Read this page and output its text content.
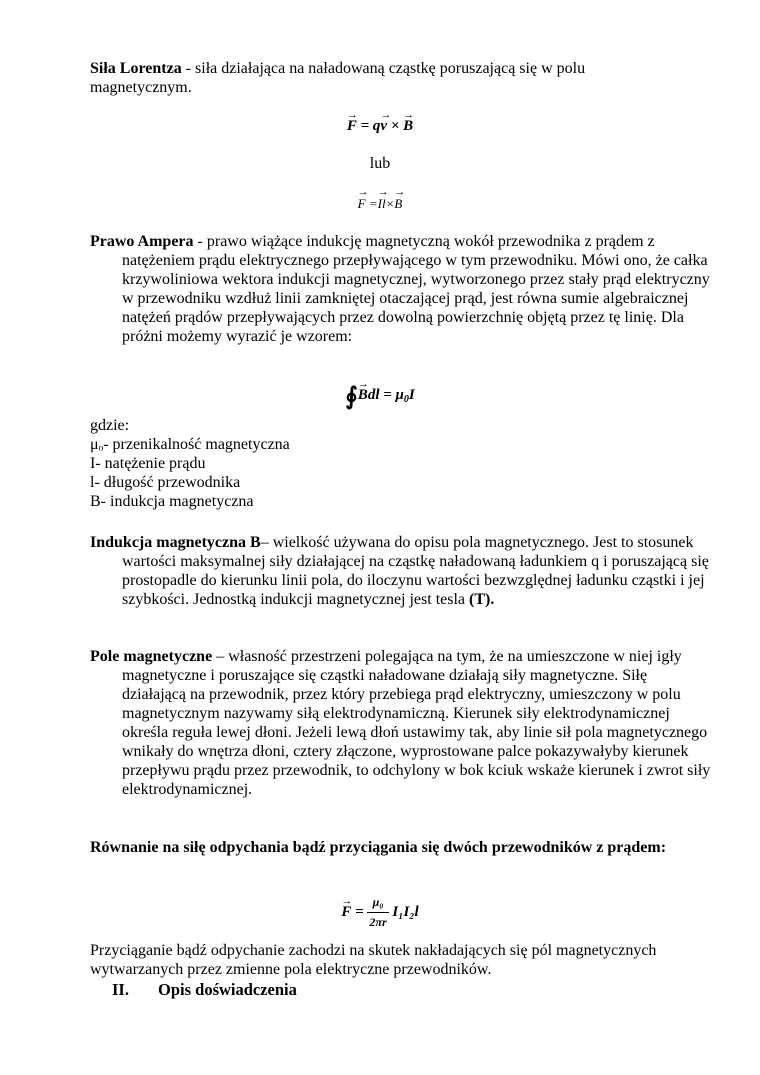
Siła Lorentza - siła działająca na naładowaną cząstkę poruszającą się w polu magnetycznym.

→ F = q→ v × → B
lub
→ F =→ Il×→ B

Prawo Ampera - prawo wiążące indukcję magnetyczną wokół przewodnika z prądem z natężeniem prądu elektrycznego przepływającego w tym przewodniku. Mówi ono, że całka krzywoliniowa wektora indukcji magnetycznej, wytworzonego przez stały prąd elektryczny w przewodniku wzdłuż linii zamkniętej otaczającej prąd, jest równa sumie algebraicznej natężeń prądów przepływających przez dowolną powierzchnię objętą przez tę linię. Dla próżni możemy wyrazić je wzorem:

∮→ Bdl = $\mu_0I$
gdzie:
μₒ- przenikalność magnetyczna
I- natężenie prądu
l- długość przewodnika
B- indukcja magnetyczna

Indukcja magnetyczna B– wielkość używana do opisu pola magnetycznego. Jest to stosunek wartości maksymalnej siły działającej na cząstkę naładowaną ładunkiem q i poruszającą się prostopadle do kierunku linii pola, do iloczynu wartości bezwzględnej ładunku cząstki i jej szybkości. Jednostką indukcji magnetycznej jest tesla (T).

Pole magnetyczne – własność przestrzeni polegająca na tym, że na umieszczone w niej igły magnetyczne i poruszające się cząstki naładowane działają siły magnetyczne. Siłę działającą na przewodnik, przez który przebiega prąd elektryczny, umieszczony w polu magnetycznym nazywamy siłą elektrodynamiczną. Kierunek siły elektrodynamicznej określa reguła lewej dłoni. Jeżeli lewą dłoń ustawimy tak, aby linie sił pola magnetycznego wnikały do wnętrza dłoni, cztery złączone, wyprostowane palce pokazywałyby kierunek przepływu prądu przez przewodnik, to odchylony w bok kciuk wskaże kierunek i zwrot siły elektrodynamicznej.

Równanie na siłę odpychania bądź przyciągania się dwóch przewodników z prądem:

→ $F = \frac{\text{μ₀}}{2\pi r} I_1I_2l$

Przyciąganie bądź odpychanie zachodzi na skutek nakładających się pól magnetycznych wytwarzanych przez zmienne pola elektryczne przewodników.

II. Opis doświadczenia
